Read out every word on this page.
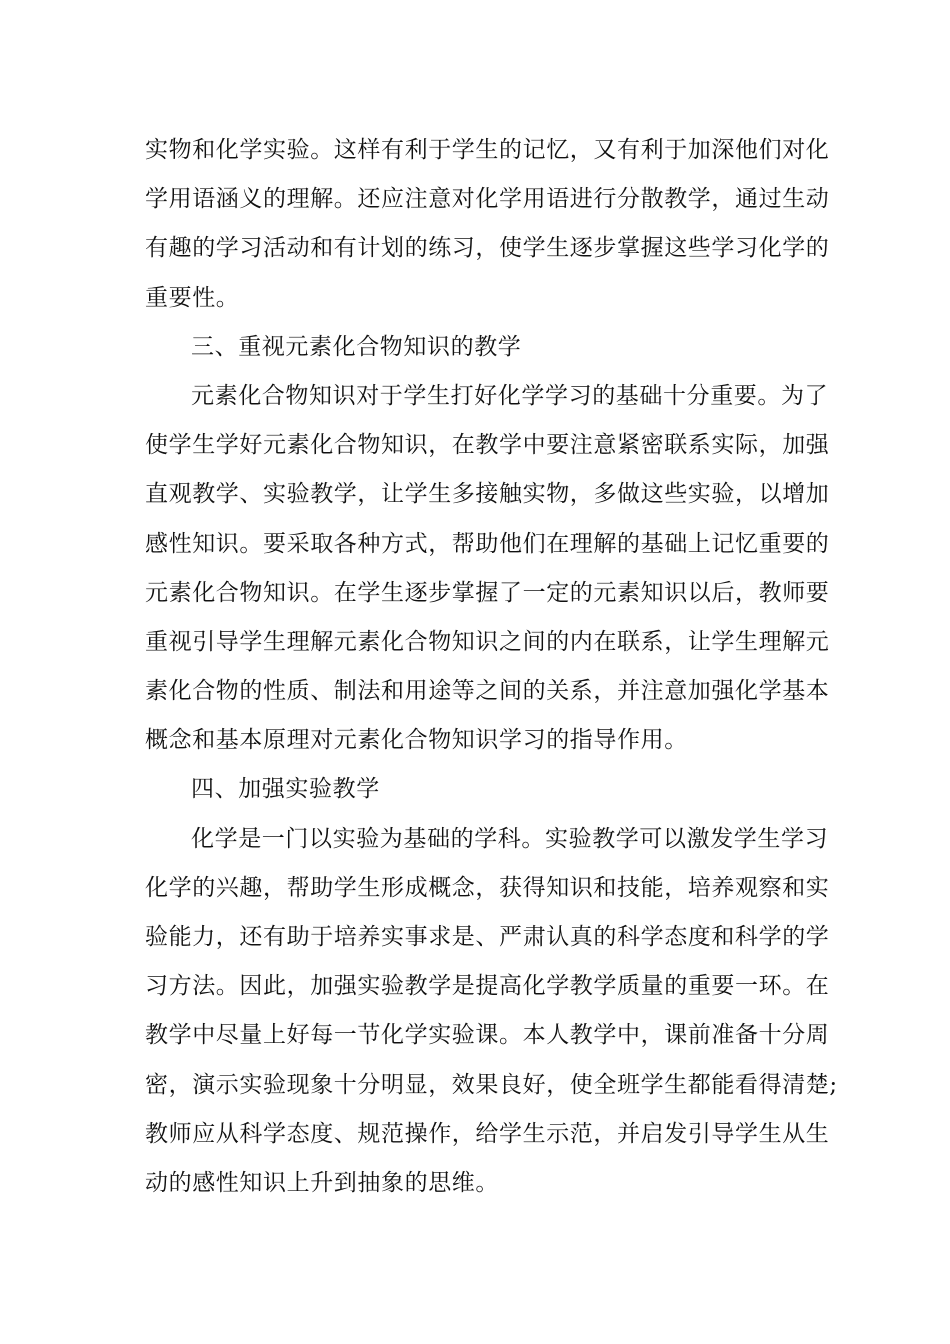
实物和化学实验。这样有利于学生的记忆，又有利于加深他们对化
学用语涵义的理解。还应注意对化学用语进行分散教学，通过生动
有趣的学习活动和有计划的练习，使学生逐步掌握这些学习化学的
重要性。
三、重视元素化合物知识的教学
元素化合物知识对于学生打好化学学习的基础十分重要。为了
使学生学好元素化合物知识，在教学中要注意紧密联系实际，加强
直观教学、实验教学，让学生多接触实物，多做这些实验，以增加
感性知识。要采取各种方式，帮助他们在理解的基础上记忆重要的
元素化合物知识。在学生逐步掌握了一定的元素知识以后，教师要
重视引导学生理解元素化合物知识之间的内在联系，让学生理解元
素化合物的性质、制法和用途等之间的关系，并注意加强化学基本
概念和基本原理对元素化合物知识学习的指导作用。
四、加强实验教学
化学是一门以实验为基础的学科。实验教学可以激发学生学习
化学的兴趣，帮助学生形成概念，获得知识和技能，培养观察和实
验能力，还有助于培养实事求是、严肃认真的科学态度和科学的学
习方法。因此，加强实验教学是提高化学教学质量的重要一环。在
教学中尽量上好每一节化学实验课。本人教学中，课前准备十分周
密，演示实验现象十分明显，效果良好，使全班学生都能看得清楚;
教师应从科学态度、规范操作，给学生示范，并启发引导学生从生
动的感性知识上升到抽象的思维。
